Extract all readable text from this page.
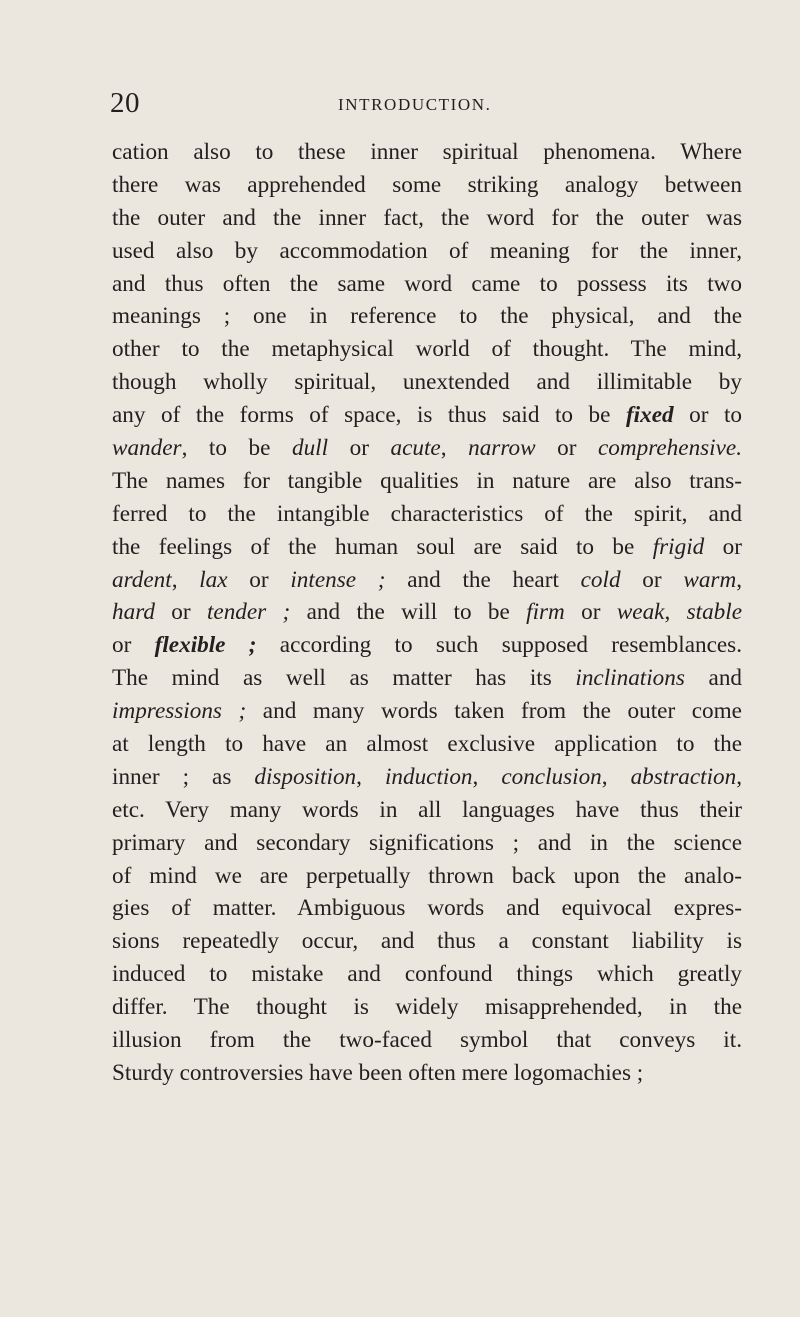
20	INTRODUCTION.
cation also to these inner spiritual phenomena. Where
there was apprehended some striking analogy between
the outer and the inner fact, the word for the outer was
used also by accommodation of meaning for the inner,
and thus often the same word came to possess its two
meanings ; one in reference to the physical, and the
other to the metaphysical world of thought. The mind,
though wholly spiritual, unextended and illimitable by
any of the forms of space, is thus said to be fixed or to
wander, to be dull or acute, narrow or comprehensive.
The names for tangible qualities in nature are also trans-
ferred to the intangible characteristics of the spirit, and
the feelings of the human soul are said to be frigid or
ardent, lax or intense ; and the heart cold or warm,
hard or tender ; and the will to be firm or weak, stable
or flexible ; according to such supposed resemblances.
The mind as well as matter has its inclinations and
impressions ; and many words taken from the outer come
at length to have an almost exclusive application to the
inner ; as disposition, induction, conclusion, abstraction,
etc. Very many words in all languages have thus their
primary and secondary significations ; and in the science
of mind we are perpetually thrown back upon the analo-
gies of matter. Ambiguous words and equivocal expres-
sions repeatedly occur, and thus a constant liability is
induced to mistake and confound things which greatly
differ. The thought is widely misapprehended, in the
illusion from the two-faced symbol that conveys it.
Sturdy controversies have been often mere logomachies ;
